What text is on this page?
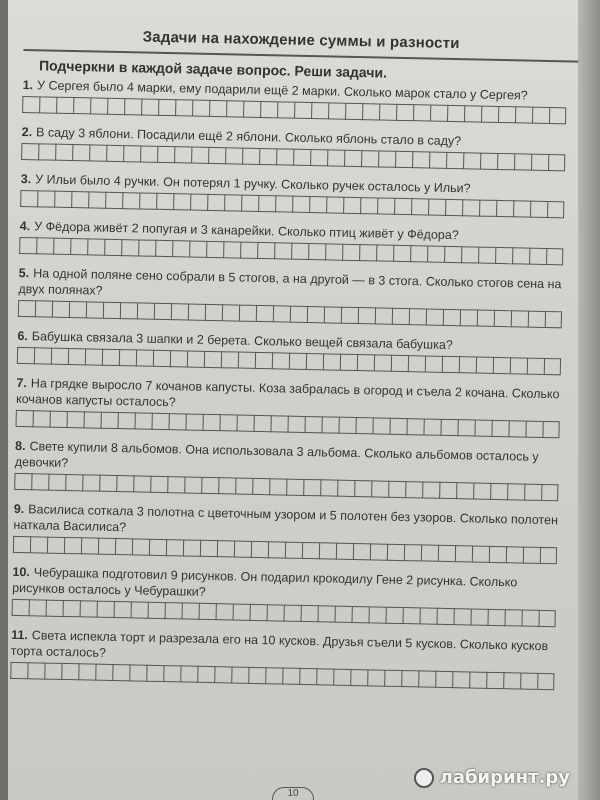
Задачи на нахождение суммы и разности
Подчеркни в каждой задаче вопрос. Реши задачи.
1. У Сергея было 4 марки, ему подарили ещё 2 марки. Сколько марок стало у Сергея?
2. В саду 3 яблони. Посадили ещё 2 яблони. Сколько яблонь стало в саду?
3. У Ильи было 4 ручки. Он потерял 1 ручку. Сколько ручек осталось у Ильи?
4. У Фёдора живёт 2 попугая и 3 канарейки. Сколько птиц живёт у Фёдора?
5. На одной поляне сено собрали в 5 стогов, а на другой — в 3 стога. Сколько стогов сена на двух полянах?
6. Бабушка связала 3 шапки и 2 берета. Сколько вещей связала бабушка?
7. На грядке выросло 7 кочанов капусты. Коза забралась в огород и съела 2 кочана. Сколько кочанов капусты осталось?
8. Свете купили 8 альбомов. Она использовала 3 альбома. Сколько альбомов осталось у девочки?
9. Василиса соткала 3 полотна с цветочным узором и 5 полотен без узоров. Сколько полотен наткала Василиса?
10. Чебурашка подготовил 9 рисунков. Он подарил крокодилу Гене 2 рисунка. Сколько рисунков осталось у Чебурашки?
11. Света испекла торт и разрезала его на 10 кусков. Друзья съели 5 кусков. Сколько кусков торта осталось?
10
лабиринт.ру
